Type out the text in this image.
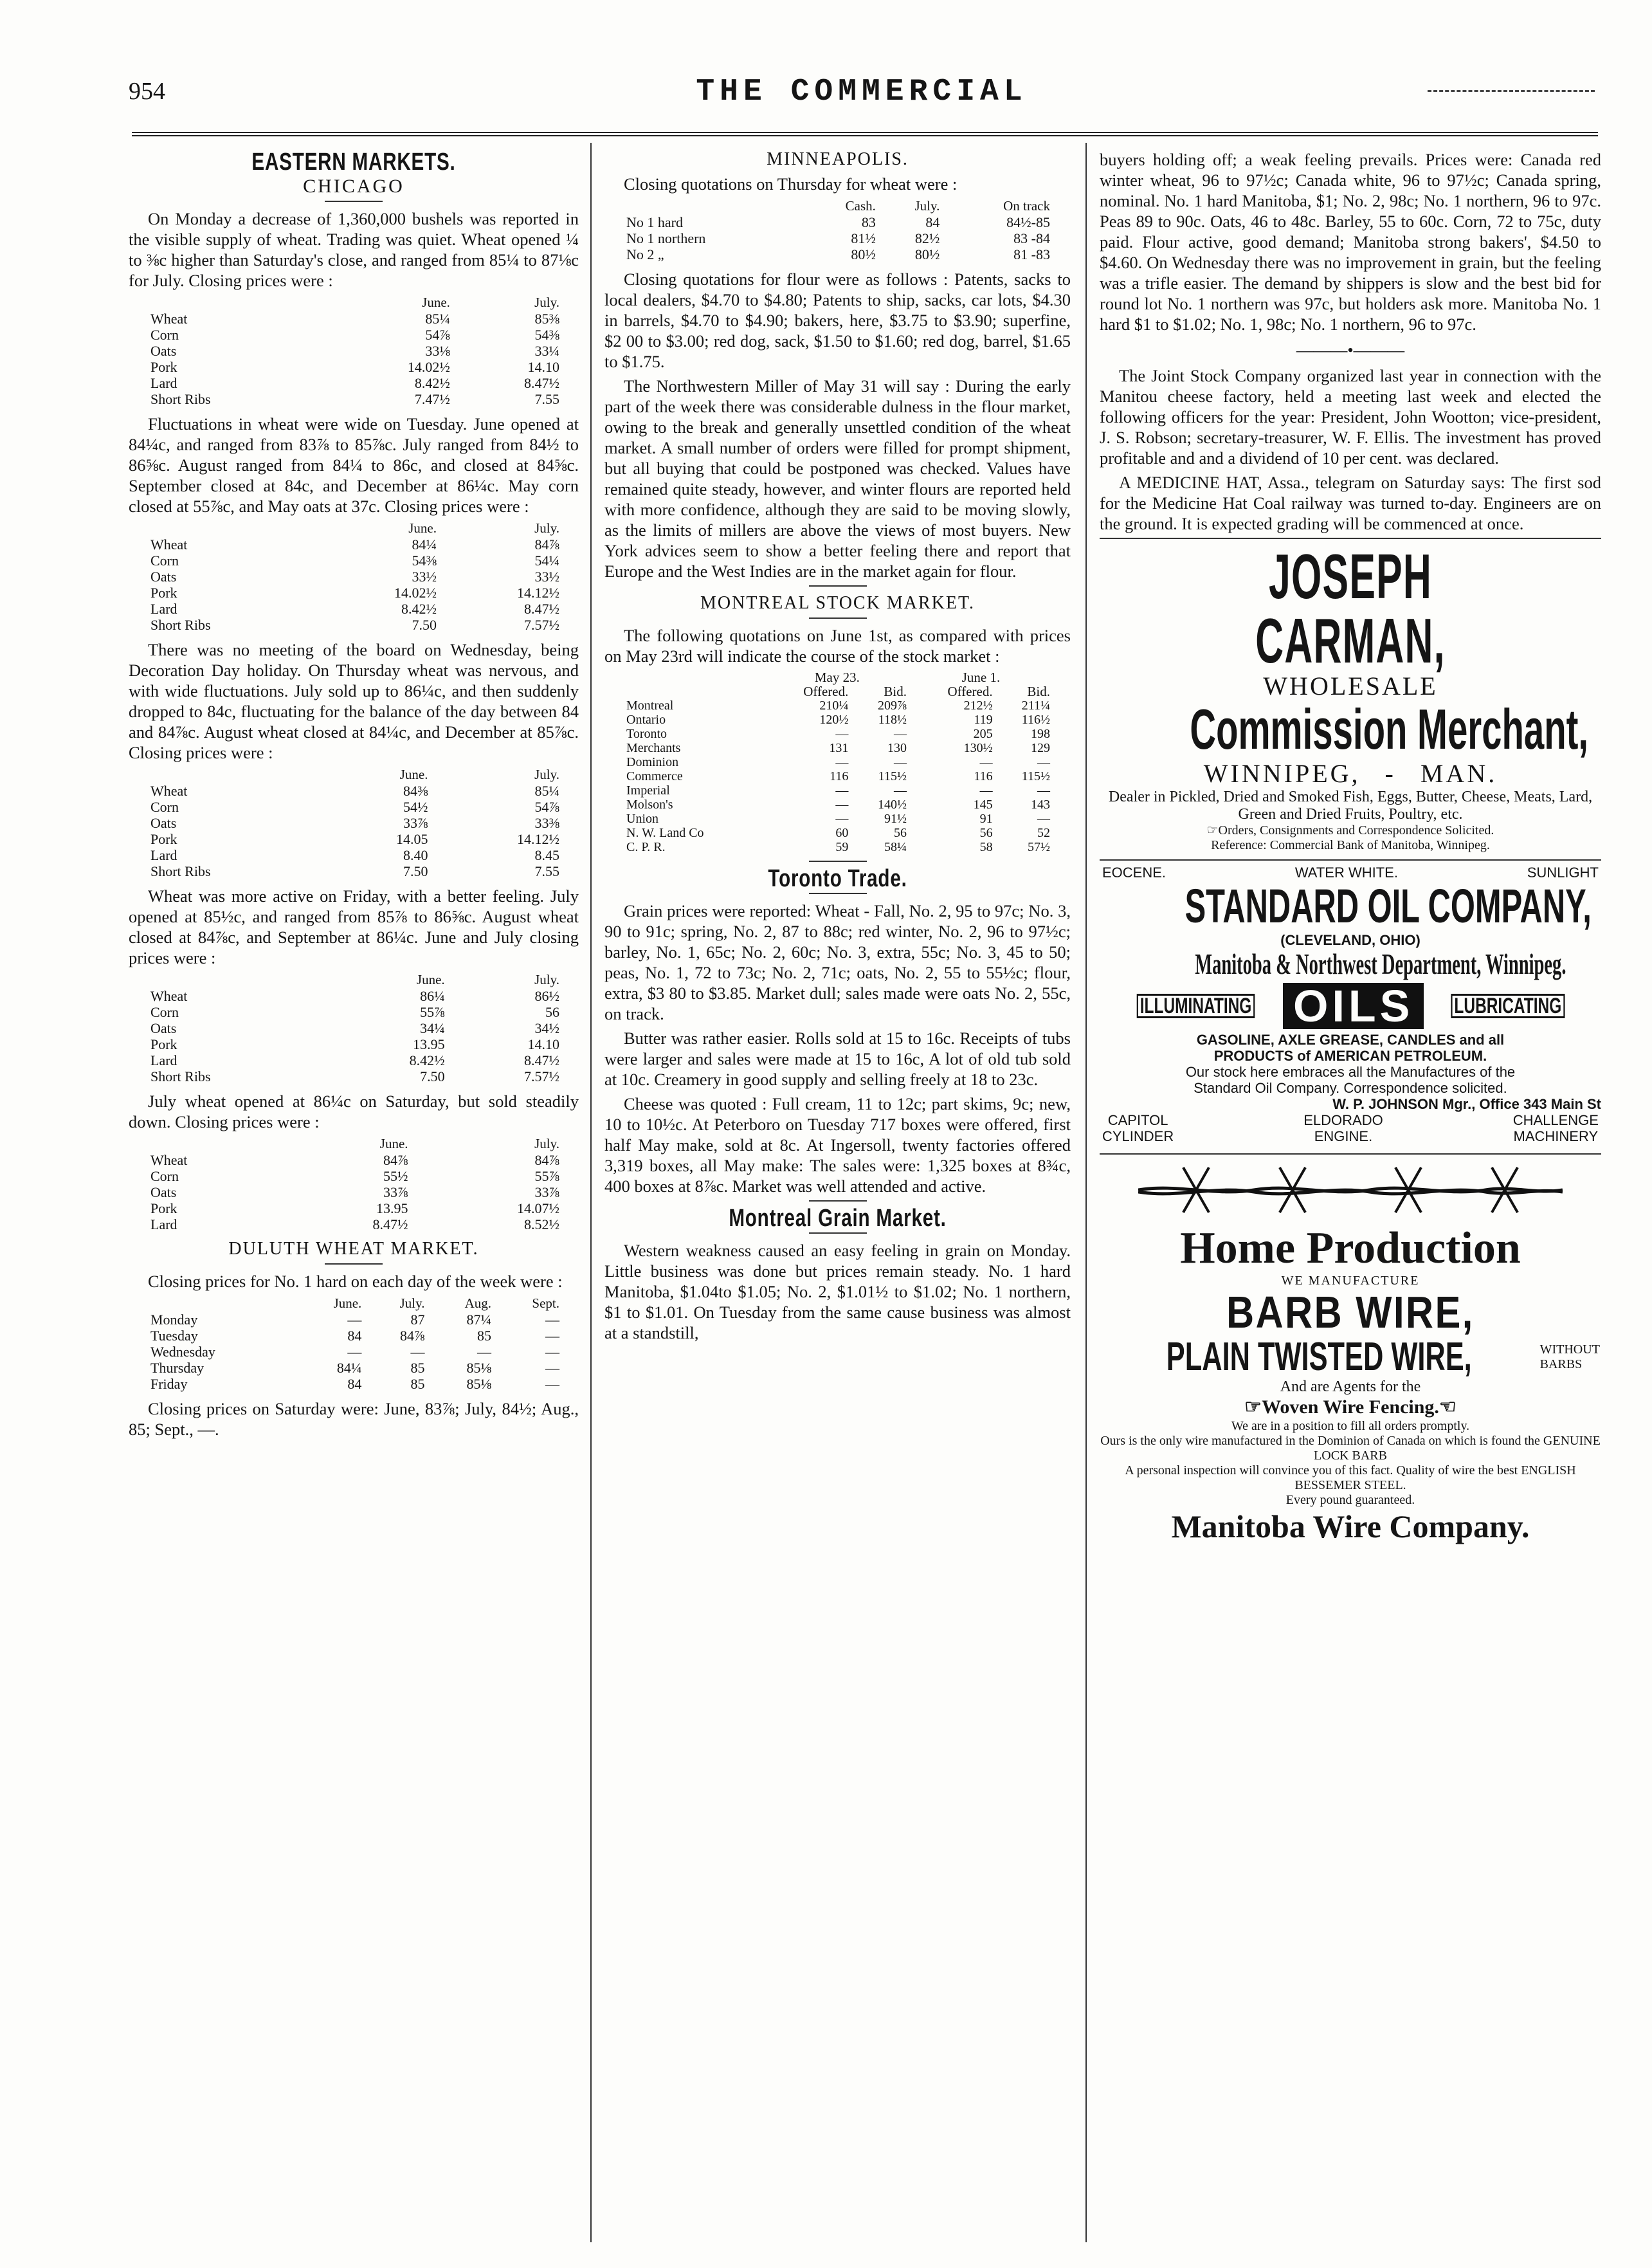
954	THE COMMERCIAL
EASTERN MARKETS.
CHICAGO

On Monday a decrease of 1,360,000 bushels was reported in the visible supply of wheat. Trading was quiet. Wheat opened ¼ to ⅜c higher than Saturday's close, and ranged from 85¼ to 87⅛c for July. Closing prices were :

	June.	July.
Wheat	85¼	85⅜
Corn	54⅞	54⅜
Oats	33⅛	33¼
Pork	14.02½	14.10
Lard	8.42½	8.47½
Short Ribs	7.47½	7.55

Fluctuations in wheat were wide on Tuesday. June opened at 84¼c, and ranged from 83⅞ to 85⅞c. July ranged from 84½ to 86⅝c. August ranged from 84¼ to 86c, and closed at 84⅝c. September closed at 84c, and December at 86¼c. May corn closed at 55⅞c, and May oats at 37c. Closing prices were :

	June.	July.
Wheat	84¼	84⅞
Corn	54⅜	54¼
Oats	33½	33½
Pork	14.02½	14.12½
Lard	8.42½	8.47½
Short Ribs	7.50	7.57½

There was no meeting of the board on Wednesday, being Decoration Day holiday. On Thursday wheat was nervous, and with wide fluctuations. July sold up to 86¼c, and then suddenly dropped to 84c, fluctuating for the balance of the day between 84 and 84⅞c. August wheat closed at 84¼c, and December at 85⅞c. Closing prices were :

	June.	July.
Wheat	84⅜	85¼
Corn	54½	54⅞
Oats	33⅞	33⅜
Pork	14.05	14.12½
Lard	8.40	8.45
Short Ribs	7.50	7.55

Wheat was more active on Friday, with a better feeling. July opened at 85½c, and ranged from 85⅞ to 86⅝c. August wheat closed at 84⅞c, and September at 86¼c. June and July closing prices were :

	June.	July.
Wheat	86¼	86½
Corn	55⅞	56
Oats	34¼	34½
Pork	13.95	14.10
Lard	8.42½	8.47½
Short Ribs	7.50	7.57½

July wheat opened at 86¼c on Saturday, but sold steadily down. Closing prices were :

	June.	July.
Wheat	84⅞	84⅞
Corn	55½	55⅞
Oats	33⅞	33⅞
Pork	13.95	14.07½
Lard	8.47½	8.52½
DULUTH WHEAT MARKET.

Closing prices for No. 1 hard on each day of the week were :

	June.	July.	Aug.	Sept.
Monday	—	87	87¼	—
Tuesday	84	84⅞	85	—
Wednesday	—	—	—	—
Thursday	84¼	85	85⅛	—
Friday	84	85	85⅛	—

Closing prices on Saturday were: June, 83⅞; July, 84½; Aug., 85; Sept., —.

MINNEAPOLIS.

Closing quotations on Thursday for wheat were :

	Cash.	July.	On track
No 1 hard	83	84	84½-85
No 1 northern	81½	82½	83 -84
No 2 „	80½	80½	81 -83

Closing quotations for flour were as follows : Patents, sacks to local dealers, $4.70 to $4.80; Patents to ship, sacks, car lots, $4.30 in barrels, $4.70 to $4.90; bakers, here, $3.75 to $3.90; superfine, $2 00 to $3.00; red dog, sack, $1.50 to $1.60; red dog, barrel, $1.65 to $1.75.

The Northwestern Miller of May 31 will say : During the early part of the week there was considerable dulness in the flour market, owing to the break and generally unsettled condition of the wheat market. A small number of orders were filled for prompt shipment, but all buying that could be postponed was checked. Values have remained quite steady, however, and winter flours are reported held with more confidence, although they are said to be moving slowly, as the limits of millers are above the views of most buyers. New York advices seem to show a better feeling there and report that Europe and the West Indies are in the market again for flour.

MONTREAL STOCK MARKET.

The following quotations on June 1st, as compared with prices on May 23rd will indicate the course of the stock market :

	May 23.		June 1.	
	Offered.	Bid.	Offered.	Bid.
Montreal	210¼	209⅞	212½	211¼
Ontario	120½	118½	119	116½
Toronto	—	—	205	198
Merchants	131	130	130½	129
Dominion	—	—	—	—
Commerce	116	115½	116	115½
Imperial	—	—	—	—
Molson's	—	140½	145	143
Union	—	91½	91	—
N. W. Land Co	60	56	56	52
C. P. R.	59	58¼	58	57½
Toronto Trade.

Grain prices were reported: Wheat - Fall, No. 2, 95 to 97c; No. 3, 90 to 91c; spring, No. 2, 87 to 88c; red winter, No. 2, 96 to 97½c; barley, No. 1, 65c; No. 2, 60c; No. 3, extra, 55c; No. 3, 45 to 50; peas, No. 1, 72 to 73c; No. 2, 71c; oats, No. 2, 55 to 55½c; flour, extra, $3 80 to $3.85. Market dull; sales made were oats No. 2, 55c, on track.

Butter was rather easier. Rolls sold at 15 to 16c. Receipts of tubs were larger and sales were made at 15 to 16c, A lot of old tub sold at 10c. Creamery in good supply and selling freely at 18 to 23c.

Cheese was quoted : Full cream, 11 to 12c; part skims, 9c; new, 10 to 10½c. At Peterboro on Tuesday 717 boxes were offered, first half May make, sold at 8c. At Ingersoll, twenty factories offered 3,319 boxes, all May make: The sales were: 1,325 boxes at 8¾c, 400 boxes at 8⅞c. Market was well attended and active.

Montreal Grain Market.

Western weakness caused an easy feeling in grain on Monday. Little business was done but prices remain steady. No. 1 hard Manitoba, $1.04to $1.05; No. 2, $1.01½ to $1.02; No. 1 northern, $1 to $1.01. On Tuesday from the same cause business was almost at a standstill,

buyers holding off; a weak feeling prevails. Prices were: Canada red winter wheat, 96 to 97½c; Canada white, 96 to 97½c; Canada spring, nominal. No. 1 hard Manitoba, $1; No. 2, 98c; No. 1 northern, 96 to 97c. Peas 89 to 90c. Oats, 46 to 48c. Barley, 55 to 60c. Corn, 72 to 75c, duty paid. Flour active, good demand; Manitoba strong bakers', $4.50 to $4.60. On Wednesday there was no improvement in grain, but the feeling was a trifle easier. The demand by shippers is slow and the best bid for round lot No. 1 northern was 97c, but holders ask more. Manitoba No. 1 hard $1 to $1.02; No. 1, 98c; No. 1 northern, 96 to 97c.

———•———

The Joint Stock Company organized last year in connection with the Manitou cheese factory, held a meeting last week and elected the following officers for the year: President, John Wootton; vice-president, J. S. Robson; secretary-treasurer, W. F. Ellis. The investment has proved profitable and and a dividend of 10 per cent. was declared.

A MEDICINE HAT, Assa., telegram on Saturday says: The first sod for the Medicine Hat Coal railway was turned to-day. Engineers are on the ground. It is expected grading will be commenced at once.

JOSEPH CARMAN,
WHOLESALE
Commission Merchant,
WINNIPEG, - MAN.
Dealer in Pickled, Dried and Smoked Fish, Eggs, Butter, Cheese, Meats, Lard, Green and Dried Fruits, Poultry, etc.
☞Orders, Consignments and Correspondence Solicited.
Reference: Commercial Bank of Manitoba, Winnipeg.
EOCENE.	WATER WHITE.	SUNLIGHT
STANDARD OIL COMPANY,
(CLEVELAND, OHIO)
Manitoba & Northwest Department, Winnipeg.
ILLUMINATING OILS	LUBRICATING
GASOLINE, AXLE GREASE, CANDLES and all
PRODUCTS of AMERICAN PETROLEUM.
Our stock here embraces all the Manufactures of the
Standard Oil Company. Correspondence solicited.
W. P. JOHNSON Mgr., Office 343 Main St
CAPITOL
CYLINDER
ELDORADO
ENGINE.
CHALLENGE
MACHINERY
Home Production
WE MANUFACTURE
BARB WIRE,
PLAIN TWISTED WIRE,	WITHOUT
BARBS
And are Agents for the
☞Woven Wire Fencing.☜
We are in a position to fill all orders promptly.
Ours is the only wire manufactured in the Dominion of Canada on which is found the GENUINE LOCK BARB
A personal inspection will convince you of this fact. Quality of wire the best ENGLISH BESSEMER STEEL.
Every pound guaranteed.
Manitoba Wire Company.
